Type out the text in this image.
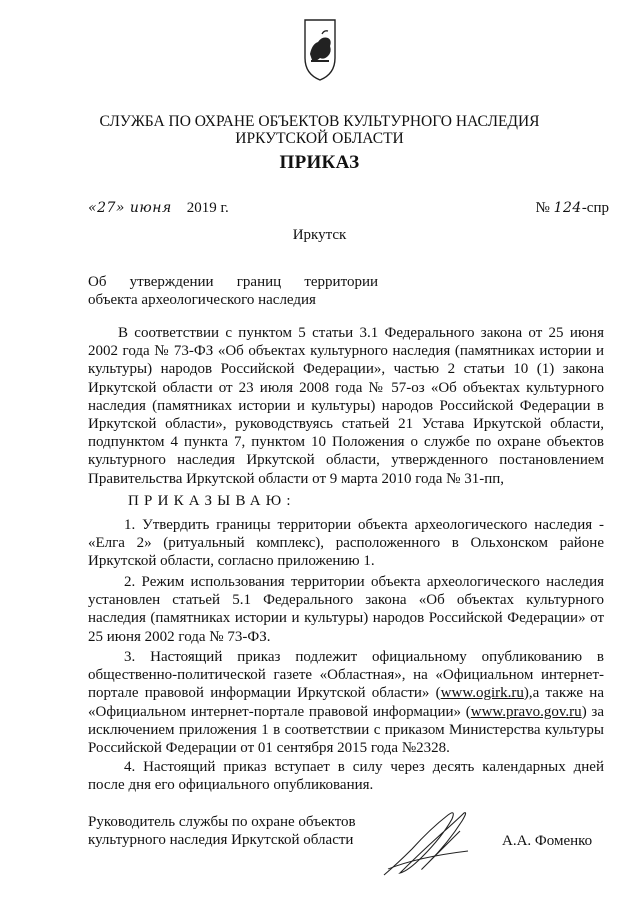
СЛУЖБА ПО ОХРАНЕ ОБЪЕКТОВ КУЛЬТУРНОГО НАСЛЕДИЯ
ИРКУТСКОЙ ОБЛАСТИ
ПРИКАЗ
«27» июня 2019 г.	№ 124-спр
Иркутск
Об утверждении границ территории
объекта археологического наследия

В соответствии с пунктом 5 статьи 3.1 Федерального закона от 25 июня

2002 года № 73-ФЗ «Об объектах культурного наследия (памятниках истории и

культуры) народов Российской Федерации», частью 2 статьи 10 (1) закона

Иркутской области от 23 июля 2008 года № 57-оз «Об объектах культурного

наследия (памятниках истории и культуры) народов Российской Федерации в

Иркутской области», руководствуясь статьей 21 Устава Иркутской области,

подпунктом 4 пункта 7, пунктом 10 Положения о службе по охране объектов

культурного наследия Иркутской области, утвержденного постановлением

Правительства Иркутской области от 9 марта 2010 года № 31-пп,

ПРИКАЗЫВАЮ:

1. Утвердить границы территории объекта археологического наследия - «Елга 2» (ритуальный комплекс), расположенного в Ольхонском районе Иркутской области, согласно приложению 1.

2. Режим использования территории объекта археологического наследия установлен статьей 5.1 Федерального закона «Об объектах культурного наследия (памятниках истории и культуры) народов Российской Федерации» от 25 июня 2002 года № 73-ФЗ.

3. Настоящий приказ подлежит официальному опубликованию в общественно-политической газете «Областная», на «Официальном интернет-портале правовой информации Иркутской области» (www.ogirk.ru),а также на «Официальном интернет-портале правовой информации» (www.pravo.gov.ru) за исключением приложения 1 в соответствии с приказом Министерства культуры Российской Федерации от 01 сентября 2015 года №2328.

4. Настоящий приказ вступает в силу через десять календарных дней после дня его официального опубликования.

Руководитель службы по охране объектов
культурного наследия Иркутской области	А.А. Фоменко
